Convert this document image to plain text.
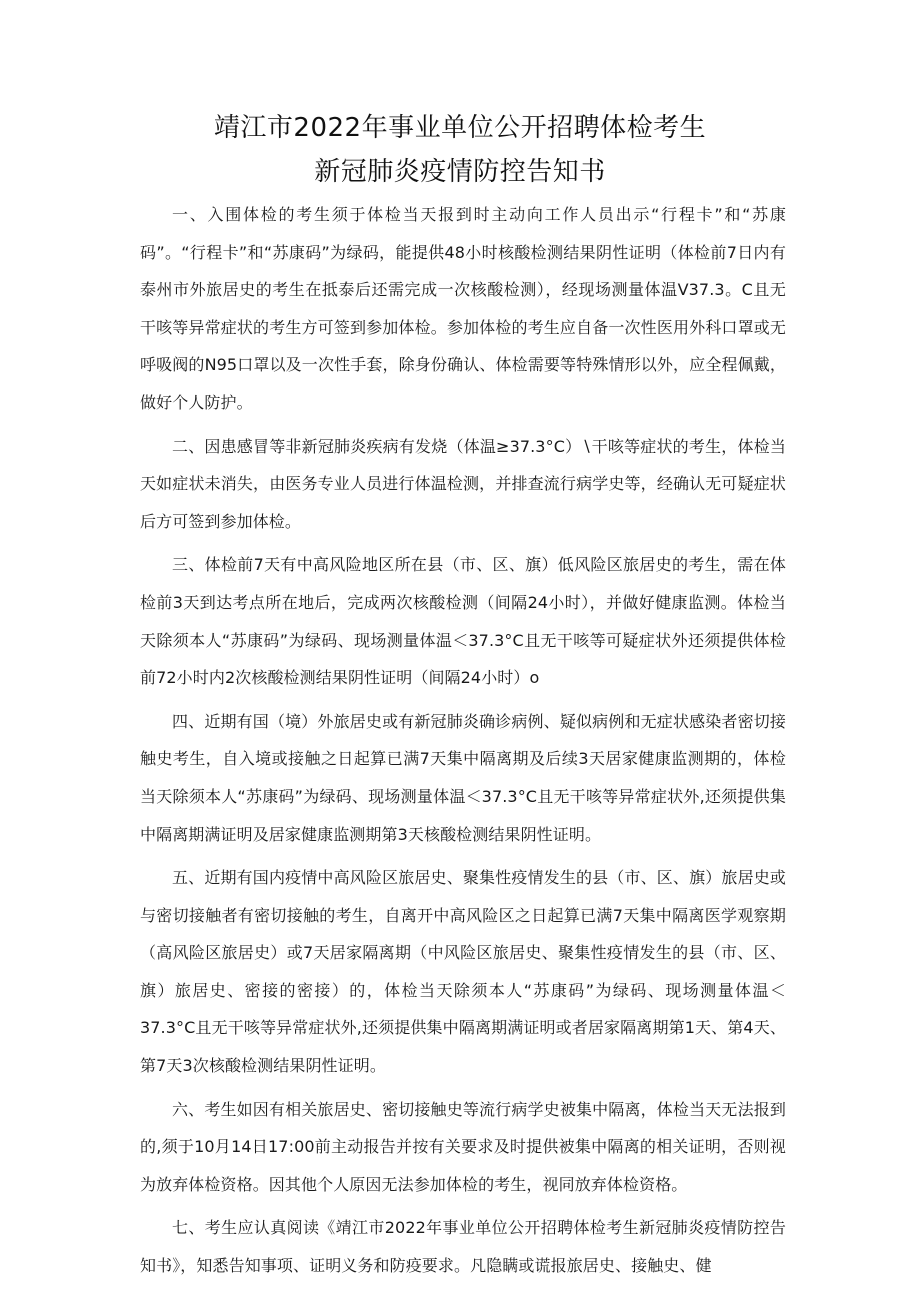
靖江市2022年事业单位公开招聘体检考生
新冠肺炎疫情防控告知书

一、入围体检的考生须于体检当天报到时主动向工作人员出示“行程卡”和“苏康码”。“行程卡”和“苏康码”为绿码，能提供48小时核酸检测结果阴性证明（体检前7日内有泰州市外旅居史的考生在抵泰后还需完成一次核酸检测），经现场测量体温V37.3。C且无干咳等异常症状的考生方可签到参加体检。参加体检的考生应自备一次性医用外科口罩或无呼吸阀的N95口罩以及一次性手套，除身份确认、体检需要等特殊情形以外，应全程佩戴，做好个人防护。

二、因患感冒等非新冠肺炎疾病有发烧（体温≥37.3°C）∖干咳等症状的考生，体检当天如症状未消失，由医务专业人员进行体温检测，并排查流行病学史等，经确认无可疑症状后方可签到参加体检。

三、体检前7天有中高风险地区所在县（市、区、旗）低风险区旅居史的考生，需在体检前3天到达考点所在地后，完成两次核酸检测（间隔24小时），并做好健康监测。体检当天除须本人“苏康码”为绿码、现场测量体温＜37.3°C且无干咳等可疑症状外还须提供体检前72小时内2次核酸检测结果阴性证明（间隔24小时）o

四、近期有国（境）外旅居史或有新冠肺炎确诊病例、疑似病例和无症状感染者密切接触史考生，自入境或接触之日起算已满7天集中隔离期及后续3天居家健康监测期的，体检当天除须本人“苏康码”为绿码、现场测量体温＜37.3°C且无干咳等异常症状外,还须提供集中隔离期满证明及居家健康监测期第3天核酸检测结果阴性证明。

五、近期有国内疫情中高风险区旅居史、聚集性疫情发生的县（市、区、旗）旅居史或与密切接触者有密切接触的考生，自离开中高风险区之日起算已满7天集中隔离医学观察期（高风险区旅居史）或7天居家隔离期（中风险区旅居史、聚集性疫情发生的县（市、区、旗）旅居史、密接的密接）的，体检当天除须本人“苏康码”为绿码、现场测量体温＜37.3°C且无干咳等异常症状外,还须提供集中隔离期满证明或者居家隔离期第1天、第4天、第7天3次核酸检测结果阴性证明。

六、考生如因有相关旅居史、密切接触史等流行病学史被集中隔离，体检当天无法报到的,须于10月14日17:00前主动报告并按有关要求及时提供被集中隔离的相关证明，否则视为放弃体检资格。因其他个人原因无法参加体检的考生，视同放弃体检资格。

七、考生应认真阅读《靖江市2022年事业单位公开招聘体检考生新冠肺炎疫情防控告知书》，知悉告知事项、证明义务和防疫要求。凡隐瞒或谎报旅居史、接触史、健
